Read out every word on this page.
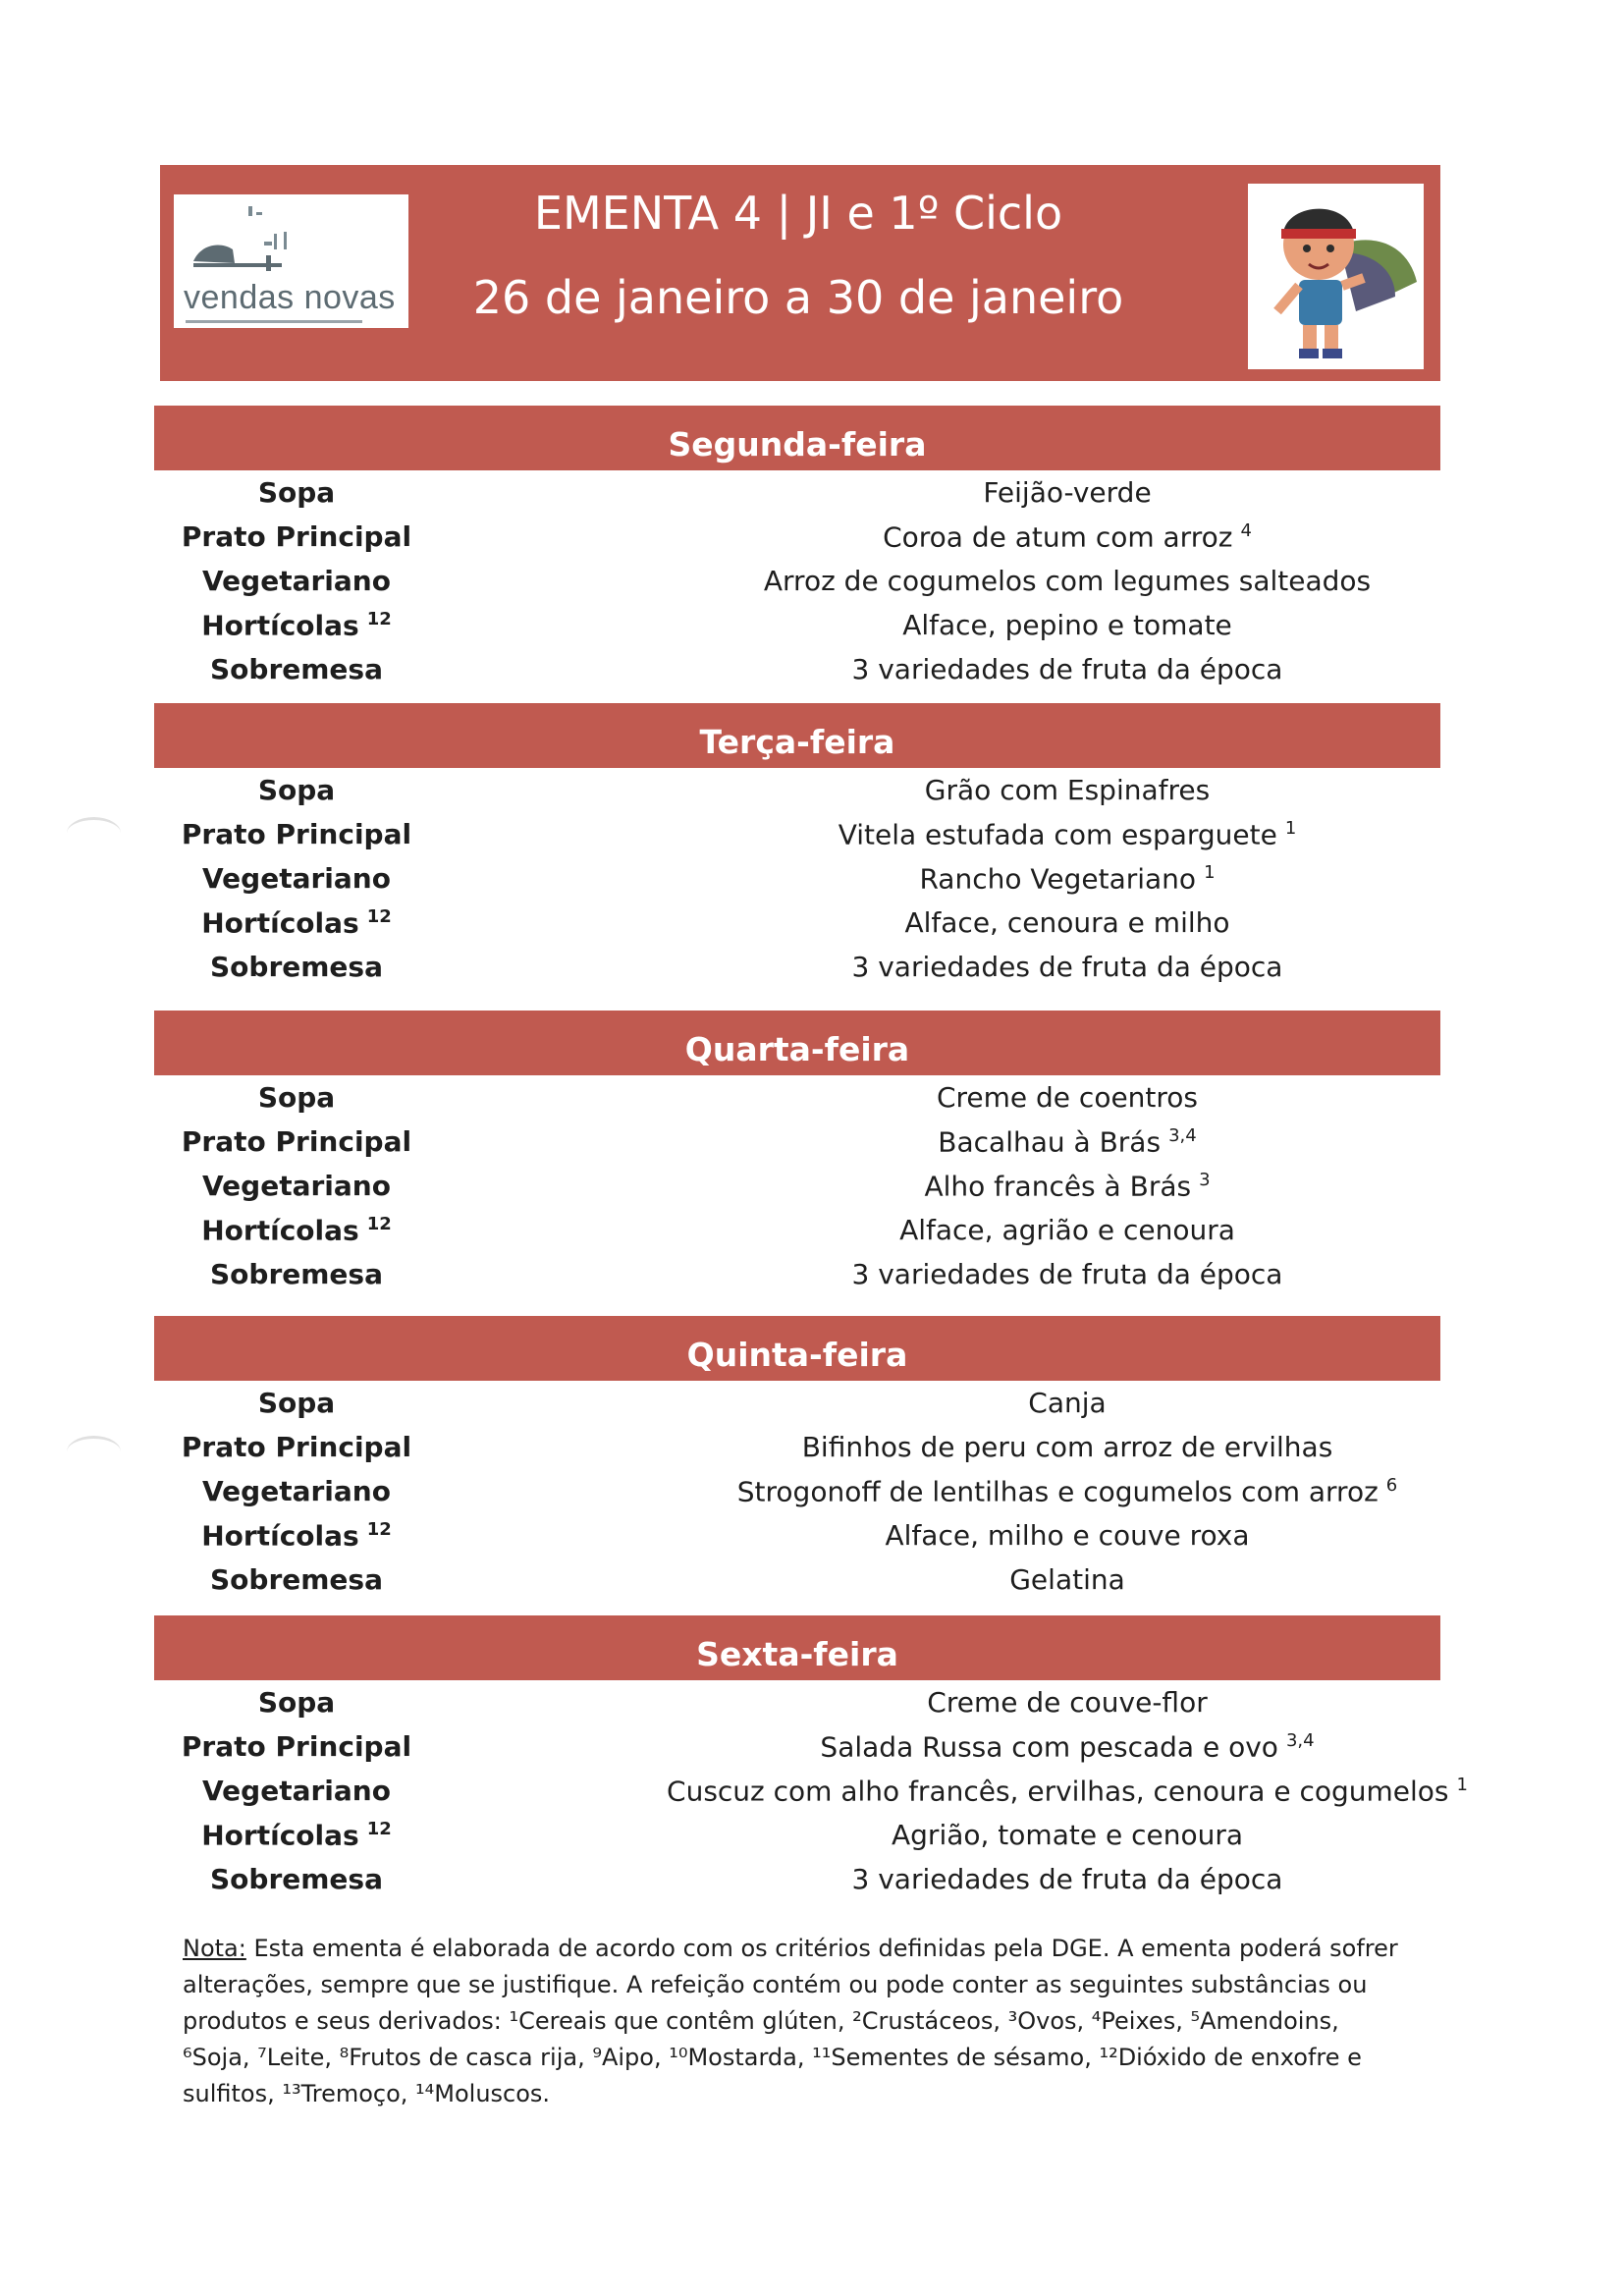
vendas novas
EMENTA 4 | JI e 1º Ciclo
26 de janeiro a 30 de janeiro
Segunda-feira
Sopa	Feijão-verde
Prato Principal	Coroa de atum com arroz $^4$
Vegetariano	Arroz de cogumelos com legumes salteados
Hortícolas $^{12}$	Alface, pepino e tomate
Sobremesa	3 variedades de fruta da época
Terça-feira
Sopa	Grão com Espinafres
Prato Principal	Vitela estufada com esparguete $^1$
Vegetariano	Rancho Vegetariano $^1$
Hortícolas $^{12}$	Alface, cenoura e milho
Sobremesa	3 variedades de fruta da época
Quarta-feira
Sopa	Creme de coentros
Prato Principal	Bacalhau à Brás $^{3,4}$
Vegetariano	Alho francês à Brás $^3$
Hortícolas $^{12}$	Alface, agrião e cenoura
Sobremesa	3 variedades de fruta da época
Quinta-feira
Sopa	Canja
Prato Principal	Bifinhos de peru com arroz de ervilhas
Vegetariano	Strogonoff de lentilhas e cogumelos com arroz $^6$
Hortícolas $^{12}$	Alface, milho e couve roxa
Sobremesa	Gelatina
Sexta-feira
Sopa	Creme de couve-flor
Prato Principal	Salada Russa com pescada e ovo $^{3,4}$
Vegetariano	Cuscuz com alho francês, ervilhas, cenoura e cogumelos $^1$
Hortícolas $^{12}$	Agrião, tomate e cenoura
Sobremesa	3 variedades de fruta da época
Nota: Esta ementa é elaborada de acordo com os critérios definidas pela DGE. A ementa poderá sofrer alterações, sempre que se justifique. A refeição contém ou pode conter as seguintes substâncias ou produtos e seus derivados: ¹Cereais que contêm glúten, ²Crustáceos, ³Ovos, ⁴Peixes, ⁵Amendoins, ⁶Soja, ⁷Leite, ⁸Frutos de casca rija, ⁹Aipo, ¹⁰Mostarda, ¹¹Sementes de sésamo, ¹²Dióxido de enxofre e sulfitos, ¹³Tremoço, ¹⁴Moluscos.
